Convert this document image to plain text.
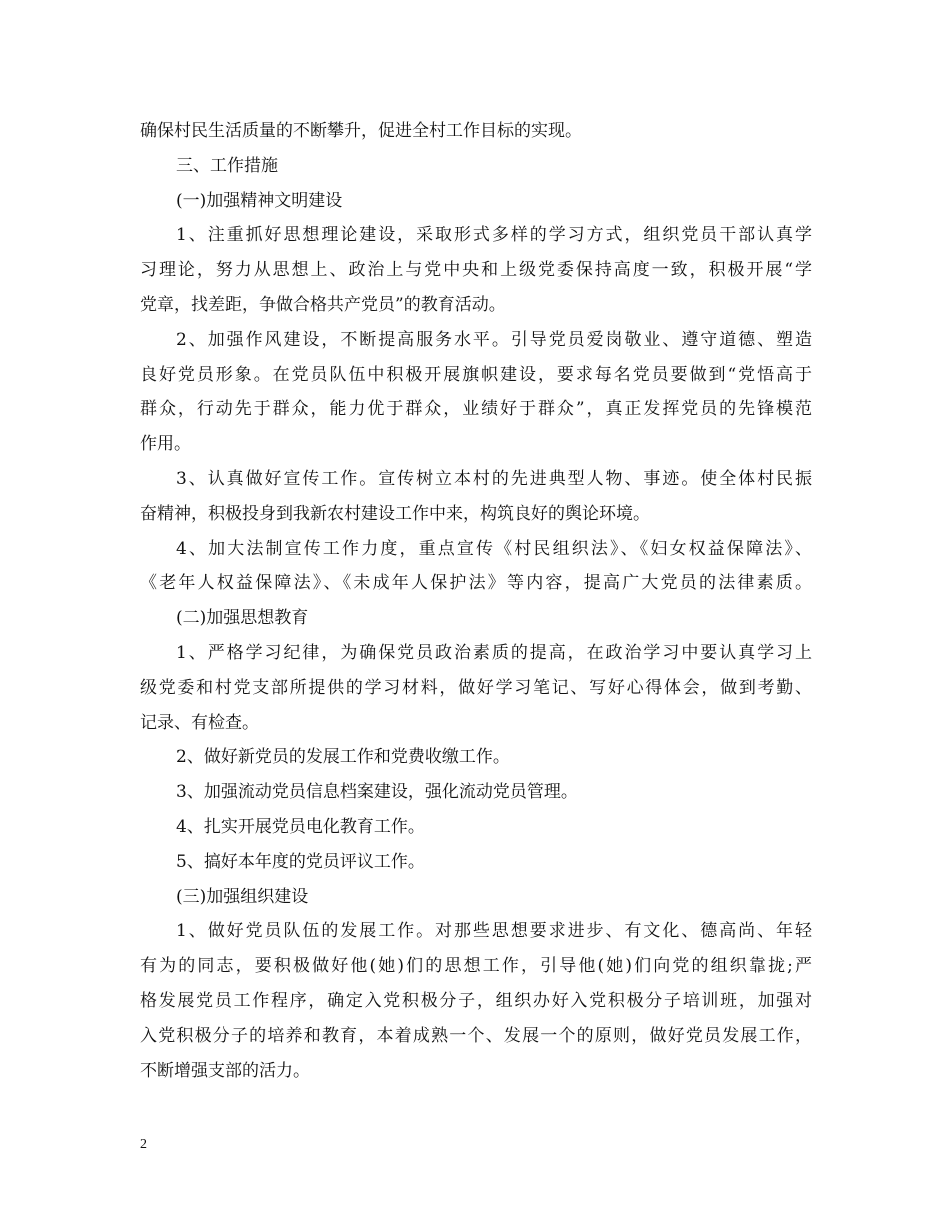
确保村民生活质量的不断攀升，促进全村工作目标的实现。
三、工作措施
(一)加强精神文明建设
1、注重抓好思想理论建设，采取形式多样的学习方式，组织党员干部认真学
习理论，努力从思想上、政治上与党中央和上级党委保持高度一致，积极开展“学
党章，找差距，争做合格共产党员”的教育活动。
2、加强作风建设，不断提高服务水平。引导党员爱岗敬业、遵守道德、塑造
良好党员形象。在党员队伍中积极开展旗帜建设，要求每名党员要做到“党悟高于
群众，行动先于群众，能力优于群众，业绩好于群众”，真正发挥党员的先锋模范
作用。
3、认真做好宣传工作。宣传树立本村的先进典型人物、事迹。使全体村民振
奋精神，积极投身到我新农村建设工作中来，构筑良好的舆论环境。
4、加大法制宣传工作力度，重点宣传《村民组织法》、《妇女权益保障法》、
《老年人权益保障法》、《未成年人保护法》等内容，提高广大党员的法律素质。
(二)加强思想教育
1、严格学习纪律，为确保党员政治素质的提高，在政治学习中要认真学习上
级党委和村党支部所提供的学习材料，做好学习笔记、写好心得体会，做到考勤、
记录、有检查。
2、做好新党员的发展工作和党费收缴工作。
3、加强流动党员信息档案建设，强化流动党员管理。
4、扎实开展党员电化教育工作。
5、搞好本年度的党员评议工作。
(三)加强组织建设
1、做好党员队伍的发展工作。对那些思想要求进步、有文化、德高尚、年轻
有为的同志，要积极做好他(她)们的思想工作，引导他(她)们向党的组织靠拢;严
格发展党员工作程序，确定入党积极分子，组织办好入党积极分子培训班，加强对
入党积极分子的培养和教育，本着成熟一个、发展一个的原则，做好党员发展工作，
不断增强支部的活力。
2
